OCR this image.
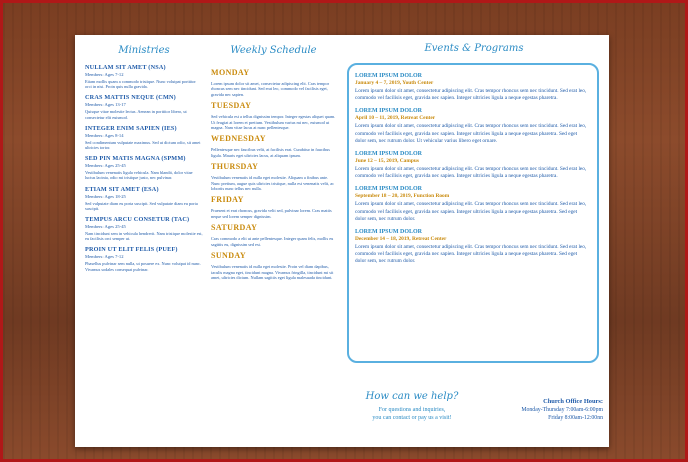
Ministries
NULLAM SIT AMET (NSA)
Members: Ages 7-12
Etiam mollis quam a commodo tristique. Nunc volutpat porttitor orci in nisi. Proin quis nulla gravida.
CRAS MATTIS NEQUE (CMN)
Members: Ages 13-17
Quisque vitae molestie lectus. Aenean in porttitor libero, ut consectetur elit euismod.
INTEGER ENIM SAPIEN (IES)
Members: Ages 8-14
Sed condimentum vulputate maximus. Sed ut dictum odio, sit amet ultricies tortor.
SED PIN MATIS MAGNA (SPMM)
Members: Ages 25-45
Vestibulum venenatis ligula vehicula. Nam blandit, dolor vitae luctus lacinia, odio mi tristique justo, nec pulvinar.
ETIAM SIT AMET (ESA)
Members: Ages 18-25
Sed vulputate diam eu porta suscipit. Sed vulputate diam eu porta suscipit.
TEMPUS ARCU CONSETUR (TAC)
Members: Ages 25-45
Nam tincidunt sem in vehicula hendrerit. Nam tristique molestie est, eu facilisis orci semper ut.
PROIN UT ELIT FELIS (PUEF)
Members: Ages 7-12
Phasellus pulvinar sem nulla, ut posuere ex. Nunc volutpat id nunc. Vivamus sodales consequat pulvinar.
Weekly Schedule
MONDAY
Lorem ipsum dolor sit amet, consectetur adipiscing elit. Cras tempor rhoncus sem nec tincidunt. Sed erat leo, commodo vel facilisis eget, gravida nec sapien.
TUESDAY
Sed vehicula est a tellus dignissim tempor. Integer egestas aliquet quam. Ut feugiat at lorem et pretium. Vestibulum varius mi nec, euismod ut magna. Nam vitae lacus at nunc pellentesque.
WEDNESDAY
Pellentesque nec faucibus velit, at facilisis erat. Curabitur in faucibus ligula. Mauris eget ultricies lacus, at aliquam ipsum.
THURSDAY
Vestibulum venenatis id nulla eget molestie. Aliquam a finibus ante. Nunc pretium, augue quis ultricies tristique, nulla est venenatis velit, ac lobortis nunc tellus nec nulla.
FRIDAY
Praesent et erat rhoncus, gravida velit sed, pulvinar lorem. Cras mattis neque sed lorem semper dignissim.
SATURDAY
Cras commodo a elit ut ante pellentesque. Integer quam felis, mollis eu sagittis eu, dignissim sed est.
SUNDAY
Vestibulum venenatis id nulla eget molestie. Proin vel diam dapibus, iaculis magna eget, tincidunt magna. Vivamus fringilla, tincidunt mi sit amet, ultricies dictum. Nullam sagittis eget ligula malesuada tincidunt.
Events & Programs
LOREM IPSUM DOLOR
January 4 – 7, 2019, Youth Center
Lorem ipsum dolor sit amet, consectetur adipiscing elit. Cras tempor rhoncus sem nec tincidunt. Sed erat leo, commodo vel facilisis eget, gravida nec sapien. Integer ultricies ligula a neque egestas pharetra.
LOREM IPSUM DOLOR
April 10 – 11, 2019, Retreat Center
Lorem ipsum dolor sit amet, consectetur adipiscing elit. Cras tempor rhoncus sem nec tincidunt. Sed erat leo, commodo vel facilisis eget, gravida nec sapien. Integer ultricies ligula a neque egestas pharetra. Sed eget dolor sem, nec rutrum dolor. Ut vehicular varius libero eget ornare.
LOREM IPSUM DOLOR
June 12 – 15, 2019, Campus
Lorem ipsum dolor sit amet, consectetur adipiscing elit. Cras tempor rhoncus sem nec tincidunt. Sed erat leo, commodo vel facilisis eget, gravida nec sapien. Integer ultricies ligula a neque egestas pharetra.
LOREM IPSUM DOLOR
September 18 – 20, 2019, Function Room
Lorem ipsum dolor sit amet, consectetur adipiscing elit. Cras tempor rhoncus sem nec tincidunt. Sed erat leo, commodo vel facilisis eget, gravida nec sapien. Integer ultricies ligula a neque egestas pharetra. Sed eget dolor sem, nec rutrum dolor.
LOREM IPSUM DOLOR
December 14 – 18, 2019, Retreat Center
Lorem ipsum dolor sit amet, consectetur adipiscing elit. Cras tempor rhoncus sem nec tincidunt. Sed erat leo, commodo vel facilisis eget, gravida nec sapien. Integer ultricies ligula a neque egestas pharetra. Sed eget dolor sem, nec rutrum dolor.
How can we help?
For questions and inquiries,
you can contact or pay us a visit!
Church Office Hours:
Monday-Thursday 7:00am-6:00pm
Friday 8:00am-12:00nn
